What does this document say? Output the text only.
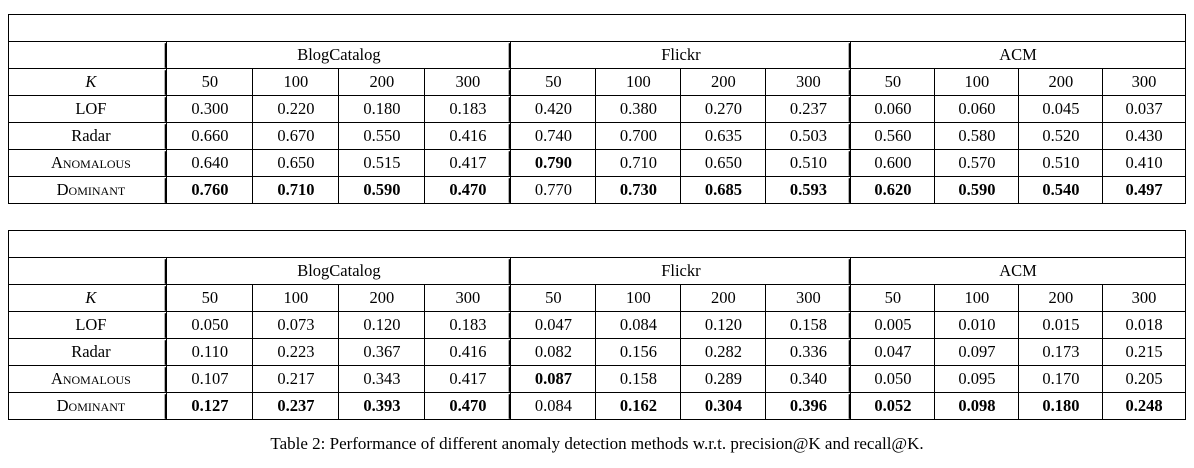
	BlogCatalog				Flickr				ACM			
K	50	100	200	300	50	100	200	300	50	100	200	300
LOF	0.300	0.220	0.180	0.183	0.420	0.380	0.270	0.237	0.060	0.060	0.045	0.037
Radar	0.660	0.670	0.550	0.416	0.740	0.700	0.635	0.503	0.560	0.580	0.520	0.430
Anomalous	0.640	0.650	0.515	0.417	0.790	0.710	0.650	0.510	0.600	0.570	0.510	0.410
Dominant	0.760	0.710	0.590	0.470	0.770	0.730	0.685	0.593	0.620	0.590	0.540	0.497

	BlogCatalog				Flickr				ACM			
K	50	100	200	300	50	100	200	300	50	100	200	300
LOF	0.050	0.073	0.120	0.183	0.047	0.084	0.120	0.158	0.005	0.010	0.015	0.018
Radar	0.110	0.223	0.367	0.416	0.082	0.156	0.282	0.336	0.047	0.097	0.173	0.215
Anomalous	0.107	0.217	0.343	0.417	0.087	0.158	0.289	0.340	0.050	0.095	0.170	0.205
Dominant	0.127	0.237	0.393	0.470	0.084	0.162	0.304	0.396	0.052	0.098	0.180	0.248
Table 2: Performance of different anomaly detection methods w.r.t. precision@K and recall@K.
